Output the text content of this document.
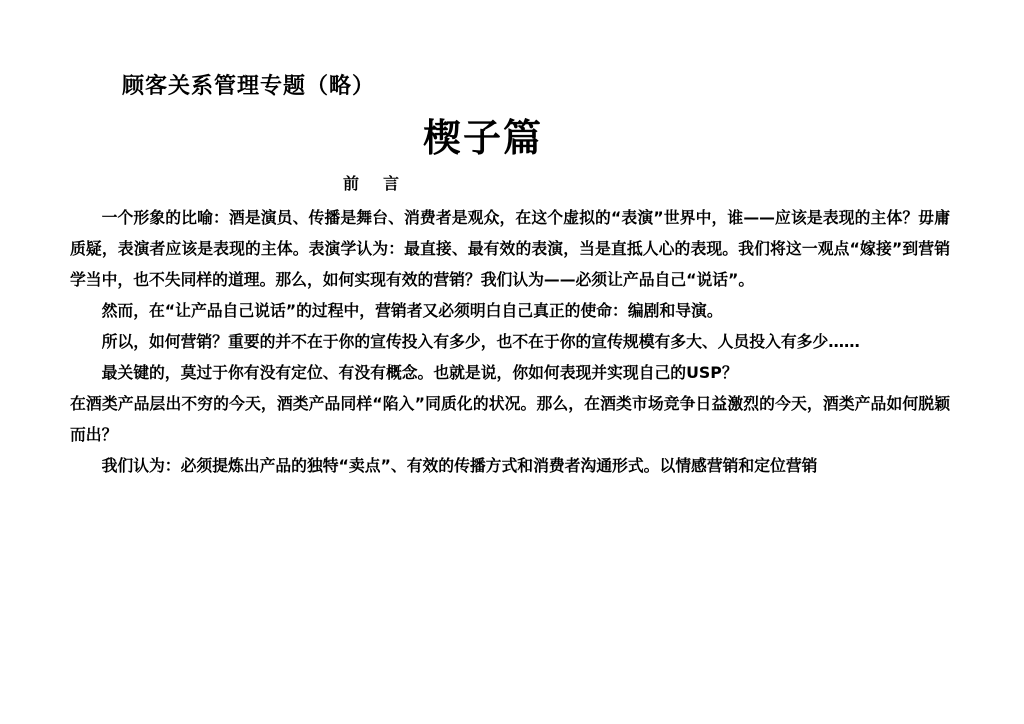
顾客关系管理专题（略）
楔子篇
前言

一个形象的比喻：酒是演员、传播是舞台、消费者是观众，在这个虚拟的“表演”世界中，谁——应该是表现的主体？毋庸质疑，表演者应该是表现的主体。表演学认为：最直接、最有效的表演，当是直抵人心的表现。我们将这一观点“嫁接”到营销学当中，也不失同样的道理。那么，如何实现有效的营销？我们认为——必须让产品自己“说话”。

然而，在“让产品自己说话”的过程中，营销者又必须明白自己真正的使命：编剧和导演。

所以，如何营销？重要的并不在于你的宣传投入有多少，也不在于你的宣传规模有多大、人员投入有多少……

最关键的，莫过于你有没有定位、有没有概念。也就是说，你如何表现并实现自己的USP？

在酒类产品层出不穷的今天，酒类产品同样“陷入”同质化的状况。那么，在酒类市场竞争日益激烈的今天，酒类产品如何脱颖而出？

我们认为：必须提炼出产品的独特“卖点”、有效的传播方式和消费者沟通形式。以情感营销和定位营销
